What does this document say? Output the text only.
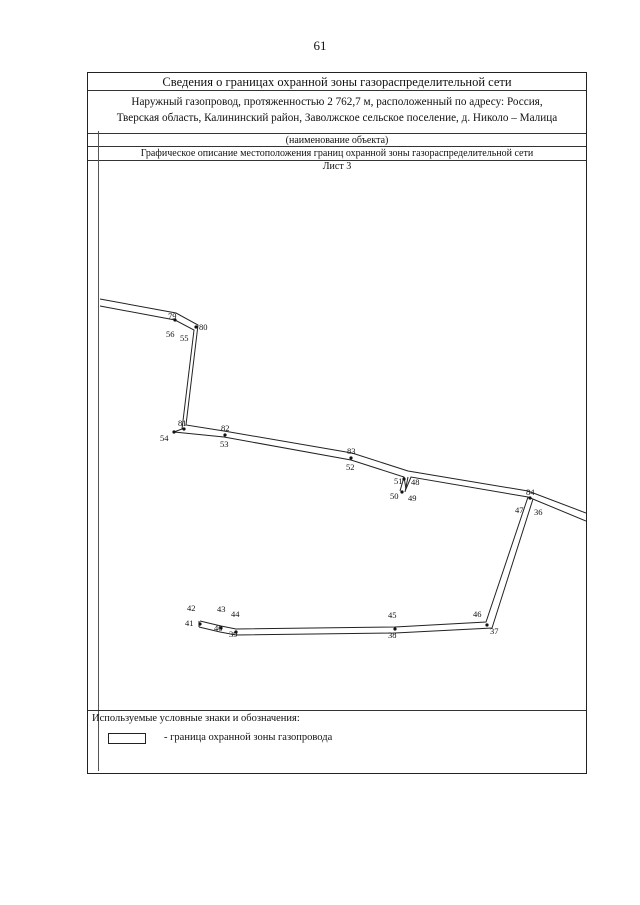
61
Сведения о границах охранной зоны газораспределительной сети
Наружный газопровод, протяженностью 2 762,7 м, расположенный по адресу: Россия,
Тверская область, Калининский район, Заволжское сельское поселение, д. Николо – Малица
(наименование объекта)
Графическое описание местоположения границ охранной зоны газораспределительной сети
Лист 3
79
80
56 55
81
54
82
53
83
52
51 48
50 49
84
47 36
42	43 44
41 40
39
45
38
46
37
Используемые условные знаки и обозначения:
- граница охранной зоны газопровода
